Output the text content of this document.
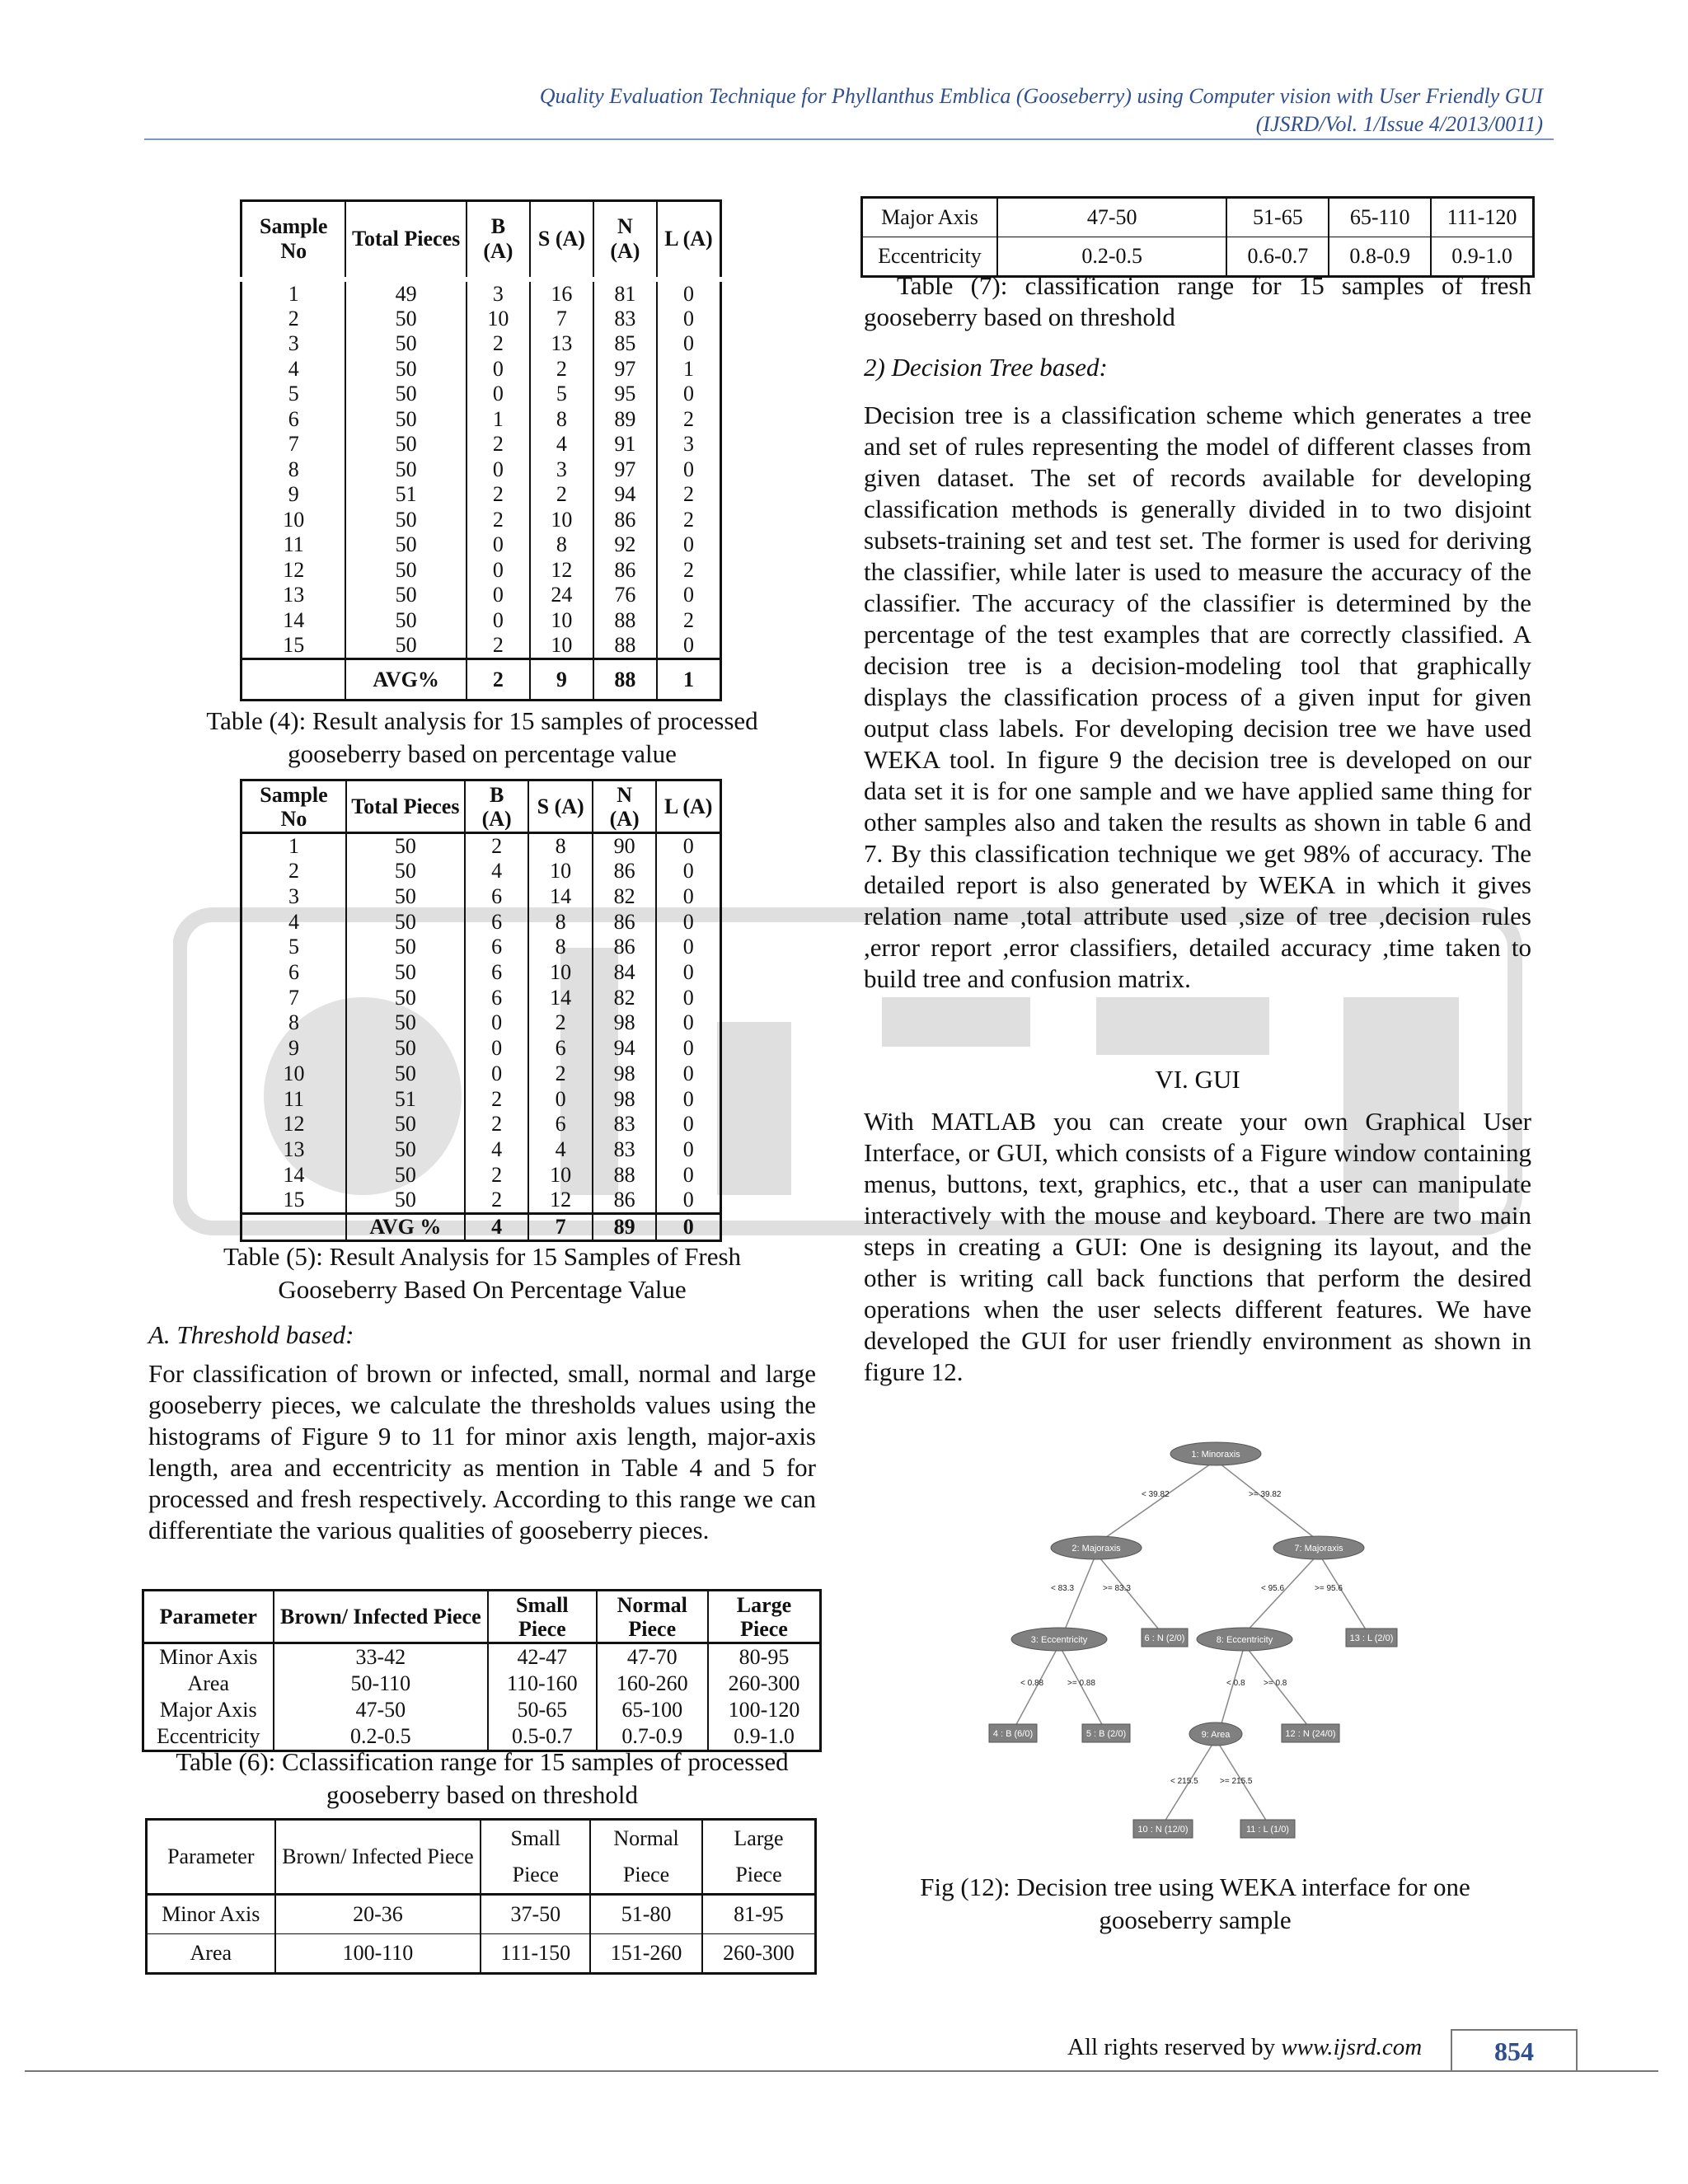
Quality Evaluation Technique for Phyllanthus Emblica (Gooseberry) using Computer vision with User Friendly GUI
(IJSRD/Vol. 1/Issue 4/2013/0011)
Sample No	Total Pieces	B (A)	S (A)	N (A)	L (A)
1	49	3	16	81	0
2	50	10	7	83	0
3	50	2	13	85	0
4	50	0	2	97	1
5	50	0	5	95	0
6	50	1	8	89	2
7	50	2	4	91	3
8	50	0	3	97	0
9	51	2	2	94	2
10	50	2	10	86	2
11	50	0	8	92	0
12	50	0	12	86	2
13	50	0	24	76	0
14	50	0	10	88	2
15	50	2	10	88	0
	AVG%	2	9	88	1
Table (4): Result analysis for 15 samples of processed gooseberry based on percentage value
Sample No	Total Pieces	B (A)	S (A)	N (A)	L (A)
1	50	2	8	90	0
2	50	4	10	86	0
3	50	6	14	82	0
4	50	6	8	86	0
5	50	6	8	86	0
6	50	6	10	84	0
7	50	6	14	82	0
8	50	0	2	98	0
9	50	0	6	94	0
10	50	0	2	98	0
11	51	2	0	98	0
12	50	2	6	83	0
13	50	4	4	83	0
14	50	2	10	88	0
15	50	2	12	86	0
	AVG %	4	7	89	0
Table (5): Result Analysis for 15 Samples of Fresh Gooseberry Based On Percentage Value
A. Threshold based:
For classification of brown or infected, small, normal and large gooseberry pieces, we calculate the thresholds values using the histograms of Figure 9 to 11 for minor axis length, major-axis length, area and eccentricity as mention in Table 4 and 5 for processed and fresh respectively. According to this range we can differentiate the various qualities of gooseberry pieces.
Parameter	Brown/ Infected Piece	Small Piece	Normal Piece	Large Piece
Minor Axis	33-42	42-47	47-70	80-95
Area	50-110	110-160	160-260	260-300
Major Axis	47-50	50-65	65-100	100-120
Eccentricity	0.2-0.5	0.5-0.7	0.7-0.9	0.9-1.0
Table (6): Cclassification range for 15 samples of processed gooseberry based on threshold
Parameter	Brown/ Infected Piece	Small Piece	Normal Piece	Large Piece
Minor Axis	20-36	37-50	51-80	81-95
Area	100-110	111-150	151-260	260-300
Major Axis	47-50	51-65	65-110	111-120
Eccentricity	0.2-0.5	0.6-0.7	0.8-0.9	0.9-1.0
Table (7): classification range for 15 samples of fresh gooseberry based on threshold
2) Decision Tree based:
Decision tree is a classification scheme which generates a tree and set of rules representing the model of different classes from given dataset. The set of records available for developing classification methods is generally divided in to two disjoint subsets-training set and test set. The former is used for deriving the classifier, while later is used to measure the accuracy of the classifier. The accuracy of the classifier is determined by the percentage of the test examples that are correctly classified. A decision tree is a decision-modeling tool that graphically displays the classification process of a given input for given output class labels. For developing decision tree we have used WEKA tool. In figure 9 the decision tree is developed on our data set it is for one sample and we have applied same thing for other samples also and taken the results as shown in table 6 and 7. By this classification technique we get 98% of accuracy. The detailed report is also generated by WEKA in which it gives relation name ,total attribute used ,size of tree ,decision rules ,error report ,error classifiers, detailed accuracy ,time taken to build tree and confusion matrix.
VI. GUI
With MATLAB you can create your own Graphical User Interface, or GUI, which consists of a Figure window containing menus, buttons, text, graphics, etc., that a user can manipulate interactively with the mouse and keyboard. There are two main steps in creating a GUI: One is designing its layout, and the other is writing call back functions that perform the desired operations when the user selects different features. We have developed the GUI for user friendly environment as shown in figure 12.
< 39.82	>= 39.82
< 83.3	>= 83.3	< 95.6	>= 95.6
< 0.88	>= 0.88	< 0.8 >= 0.8
< 215.5	>= 215.5
1: Minoraxis
2: Majoraxis	7: Majoraxis
3: Eccentricity	6 : N (2/0)	8: Eccentricity	13 : L (2/0)
4 : B (6/0)	5 : B (2/0)	9: Area	12 : N (24/0)
10 : N (12/0)	11 : L (1/0)
Fig (12): Decision tree using WEKA interface for one gooseberry sample
All rights reserved by www.ijsrd.com	854
